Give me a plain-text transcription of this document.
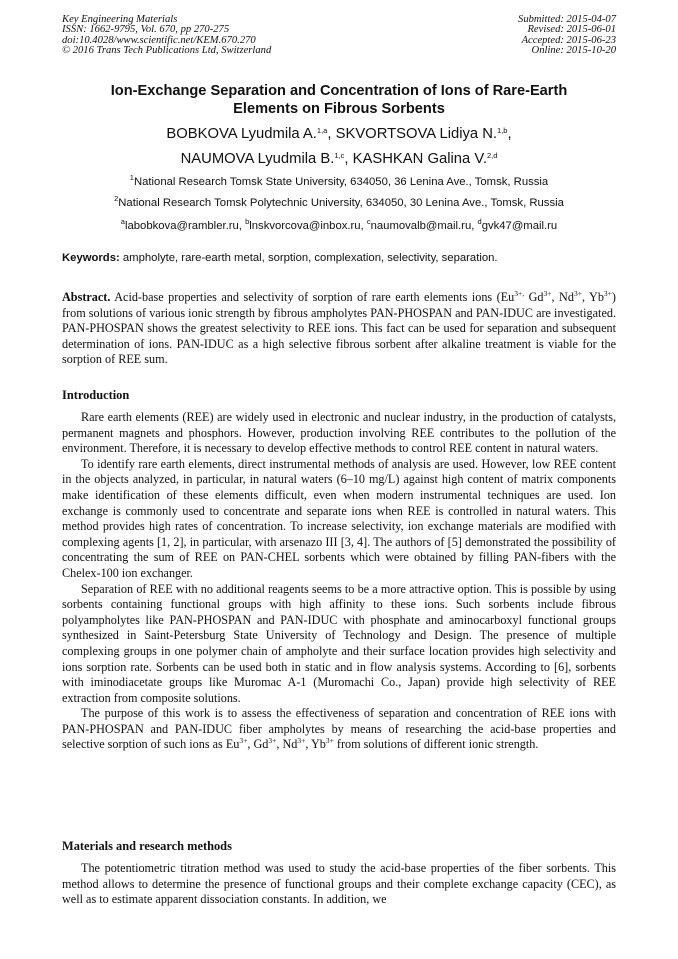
Key Engineering Materials
ISSN: 1662-9795, Vol. 670, pp 270-275
doi:10.4028/www.scientific.net/KEM.670.270
© 2016 Trans Tech Publications Ltd, Switzerland
Submitted: 2015-04-07
Revised: 2015-06-01
Accepted: 2015-06-23
Online: 2015-10-20
Ion-Exchange Separation and Concentration of Ions of Rare-Earth
Elements on Fibrous Sorbents
BOBKOVA Lyudmila A.$^{1,a}$, SKVORTSOVA Lidiya N.$^{1,b}$,
NAUMOVA Lyudmila B.$^{1,c}$, KASHKAN Galina V.$^{2,d}$
$^1$National Research Tomsk State University, 634050, 36 Lenina Ave., Tomsk, Russia
$^2$National Research Tomsk Polytechnic University, 634050, 30 Lenina Ave., Tomsk, Russia
$^a$labobkova@rambler.ru, $^b$lnskvorcova@inbox.ru, $^c$naumovalb@mail.ru, $^d$gvk47@mail.ru
Keywords: ampholyte, rare-earth metal, sorption, complexation, selectivity, separation.

Abstract. Acid-base properties and selectivity of sorption of rare earth elements ions ($Eu^{3+,}$ $Gd^{3+}$, $Nd^{3+}$, $Yb^{3+}$) from solutions of various ionic strength by fibrous ampholytes PAN-PHOSPAN and PAN-IDUC are investigated. PAN-PHOSPAN shows the greatest selectivity to REE ions. This fact can be used for separation and subsequent determination of ions. PAN-IDUC as a high selective fibrous sorbent after alkaline treatment is viable for the sorption of REE sum.

Introduction

Rare earth elements (REE) are widely used in electronic and nuclear industry, in the production of catalysts, permanent magnets and phosphors. However, production involving REE contributes to the pollution of the environment. Therefore, it is necessary to develop effective methods to control REE content in natural waters.

To identify rare earth elements, direct instrumental methods of analysis are used. However, low REE content in the objects analyzed, in particular, in natural waters (6–10 mg/L) against high content of matrix components make identification of these elements difficult, even when modern instrumental techniques are used. Ion exchange is commonly used to concentrate and separate ions when REE is controlled in natural waters. This method provides high rates of concentration. To increase selectivity, ion exchange materials are modified with complexing agents [1, 2], in particular, with arsenazo III [3, 4]. The authors of [5] demonstrated the possibility of concentrating the sum of REE on PAN-CHEL sorbents which were obtained by filling PAN-fibers with the Chelex-100 ion exchanger.

Separation of REE with no additional reagents seems to be a more attractive option. This is possible by using sorbents containing functional groups with high affinity to these ions. Such sorbents include fibrous polyampholytes like PAN-PHOSPAN and PAN-IDUC with phosphate and aminocarboxyl functional groups synthesized in Saint-Petersburg State University of Technology and Design. The presence of multiple complexing groups in one polymer chain of ampholyte and their surface location provides high selectivity and ions sorption rate. Sorbents can be used both in static and in flow analysis systems. According to [6], sorbents with iminodiacetate groups like Muromac A-1 (Muromachi Co., Japan) provide high selectivity of REE extraction from composite solutions.

The purpose of this work is to assess the effectiveness of separation and concentration of REE ions with PAN-PHOSPAN and PAN-IDUC fiber ampholytes by means of researching the acid-base properties and selective sorption of such ions as $Eu^{3+}$, $Gd^{3+}$, $Nd^{3+}$, $Yb^{3+}$ from solutions of different ionic strength.

Materials and research methods

The potentiometric titration method was used to study the acid-base properties of the fiber sorbents. This method allows to determine the presence of functional groups and their complete exchange capacity (CEC), as well as to estimate apparent dissociation constants. In addition, we
